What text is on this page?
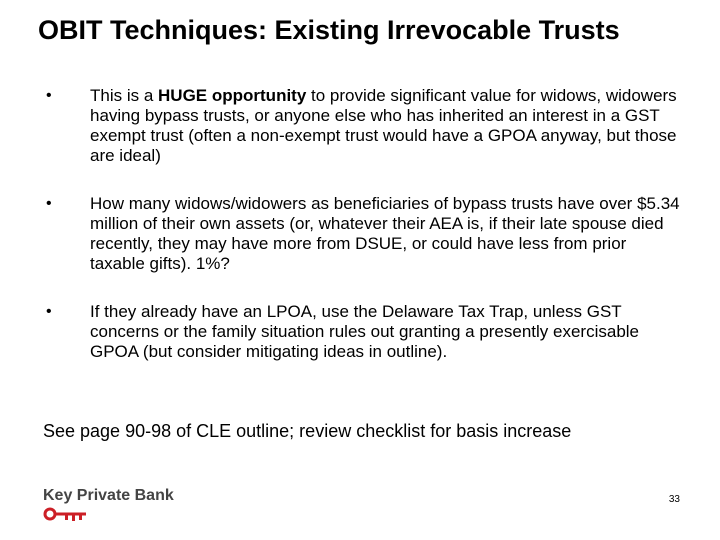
OBIT Techniques: Existing Irrevocable Trusts
• This is a HUGE opportunity to provide significant value for widows, widowers having bypass trusts, or anyone else who has inherited an interest in a GST exempt trust (often a non-exempt trust would have a GPOA anyway, but those are ideal)
• How many widows/widowers as beneficiaries of bypass trusts have over $5.34 million of their own assets (or, whatever their AEA is, if their late spouse died recently, they may have more from DSUE, or could have less from prior taxable gifts). 1%?
• If they already have an LPOA, use the Delaware Tax Trap, unless GST concerns or the family situation rules out granting a presently exercisable GPOA (but consider mitigating ideas in outline).
See page 90-98 of CLE outline; review checklist for basis increase
Key Private Bank	33
